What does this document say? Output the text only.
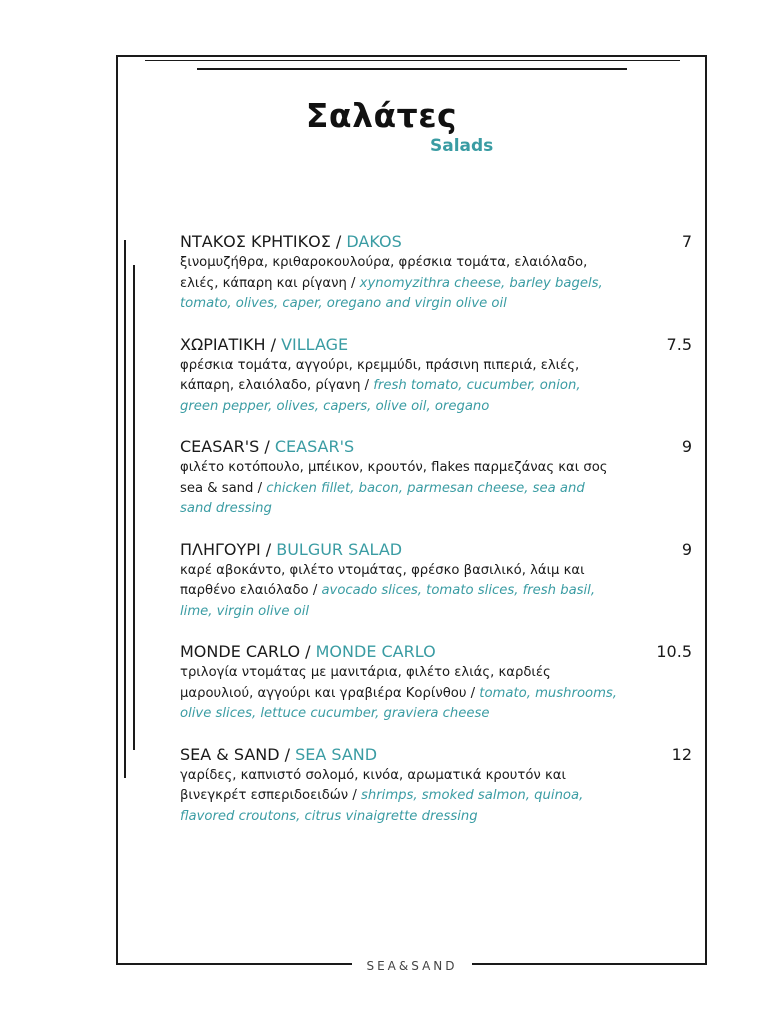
Σαλάτες
Salads
ΝΤΑΚΟΣ ΚΡΗΤΙΚΟΣ / DAKOS	7
ξινομυζήθρα, κριθαροκουλούρα, φρέσκια τομάτα, ελαιόλαδο, ελιές, κάπαρη και ρίγανη / xynomyzithra cheese, barley bagels, tomato, olives, caper, oregano and virgin olive oil
ΧΩΡΙΑΤΙΚΗ / VILLAGE	7.5
φρέσκια τομάτα, αγγούρι, κρεμμύδι, πράσινη πιπεριά, ελιές, κάπαρη, ελαιόλαδο, ρίγανη / fresh tomato, cucumber, onion, green pepper, olives, capers, olive oil, oregano
CEASAR'S / CEASAR'S	9
φιλέτο κοτόπουλο, μπέικον, κρουτόν, flakes παρμεζάνας και σος sea & sand / chicken fillet, bacon, parmesan cheese, sea and sand dressing
ΠΛΗΓΟΥΡΙ / BULGUR SALAD	9
καρέ αβοκάντο, φιλέτο ντομάτας, φρέσκο βασιλικό, λάιμ και παρθένο ελαιόλαδο / avocado slices, tomato slices, fresh basil, lime, virgin olive oil
MONDE CARLO / MONDE CARLO	10.5
τριλογία ντομάτας με μανιτάρια, φιλέτο ελιάς, καρδιές μαρουλιού, αγγούρι και γραβιέρα Κορίνθου / tomato, mushrooms, olive slices, lettuce cucumber, graviera cheese
SEA & SAND / SEA SAND	12
γαρίδες, καπνιστό σολομό, κινόα, αρωματικά κρουτόν και βινεγκρέτ εσπεριδοειδών / shrimps, smoked salmon, quinoa, flavored croutons, citrus vinaigrette dressing
SEA&SAND
